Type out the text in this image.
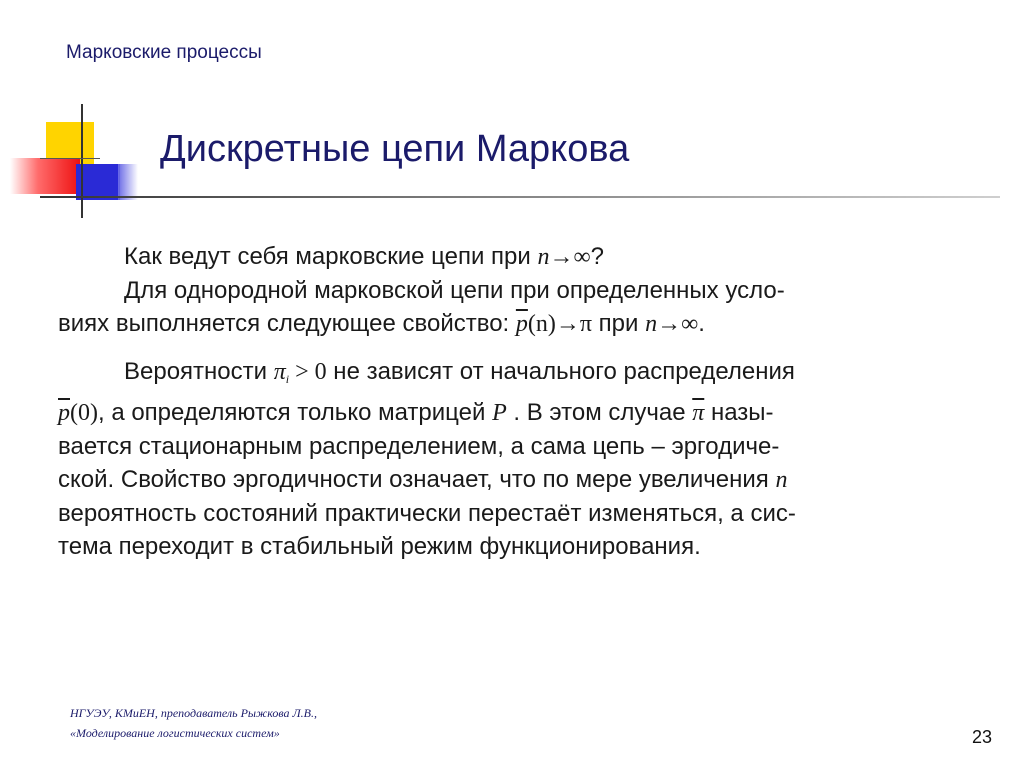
Марковские процессы
Дискретные цепи Маркова

Как ведут себя марковские цепи при n→∞?

Для однородной марковской цепи при определенных усло-

виях выполняется следующее свойство: $\overline{p}(n)\to\pi$ при n→∞.

Вероятности $\pi_i > 0$ не зависят от начального распределения

$\overline{p}(0)$, а определяются только матрицей P . В этом случае $\overline{\pi}$ назы-

вается стационарным распределением, а сама цепь – эргодиче-

ской. Свойство эргодичности означает, что по мере увеличения n

вероятность состояний практически перестаёт изменяться, а сис-

тема переходит в стабильный режим функционирования.

НГУЭУ, КМиЕН, преподаватель Рыжкова Л.В.,
«Моделирование логистических систем»	23
